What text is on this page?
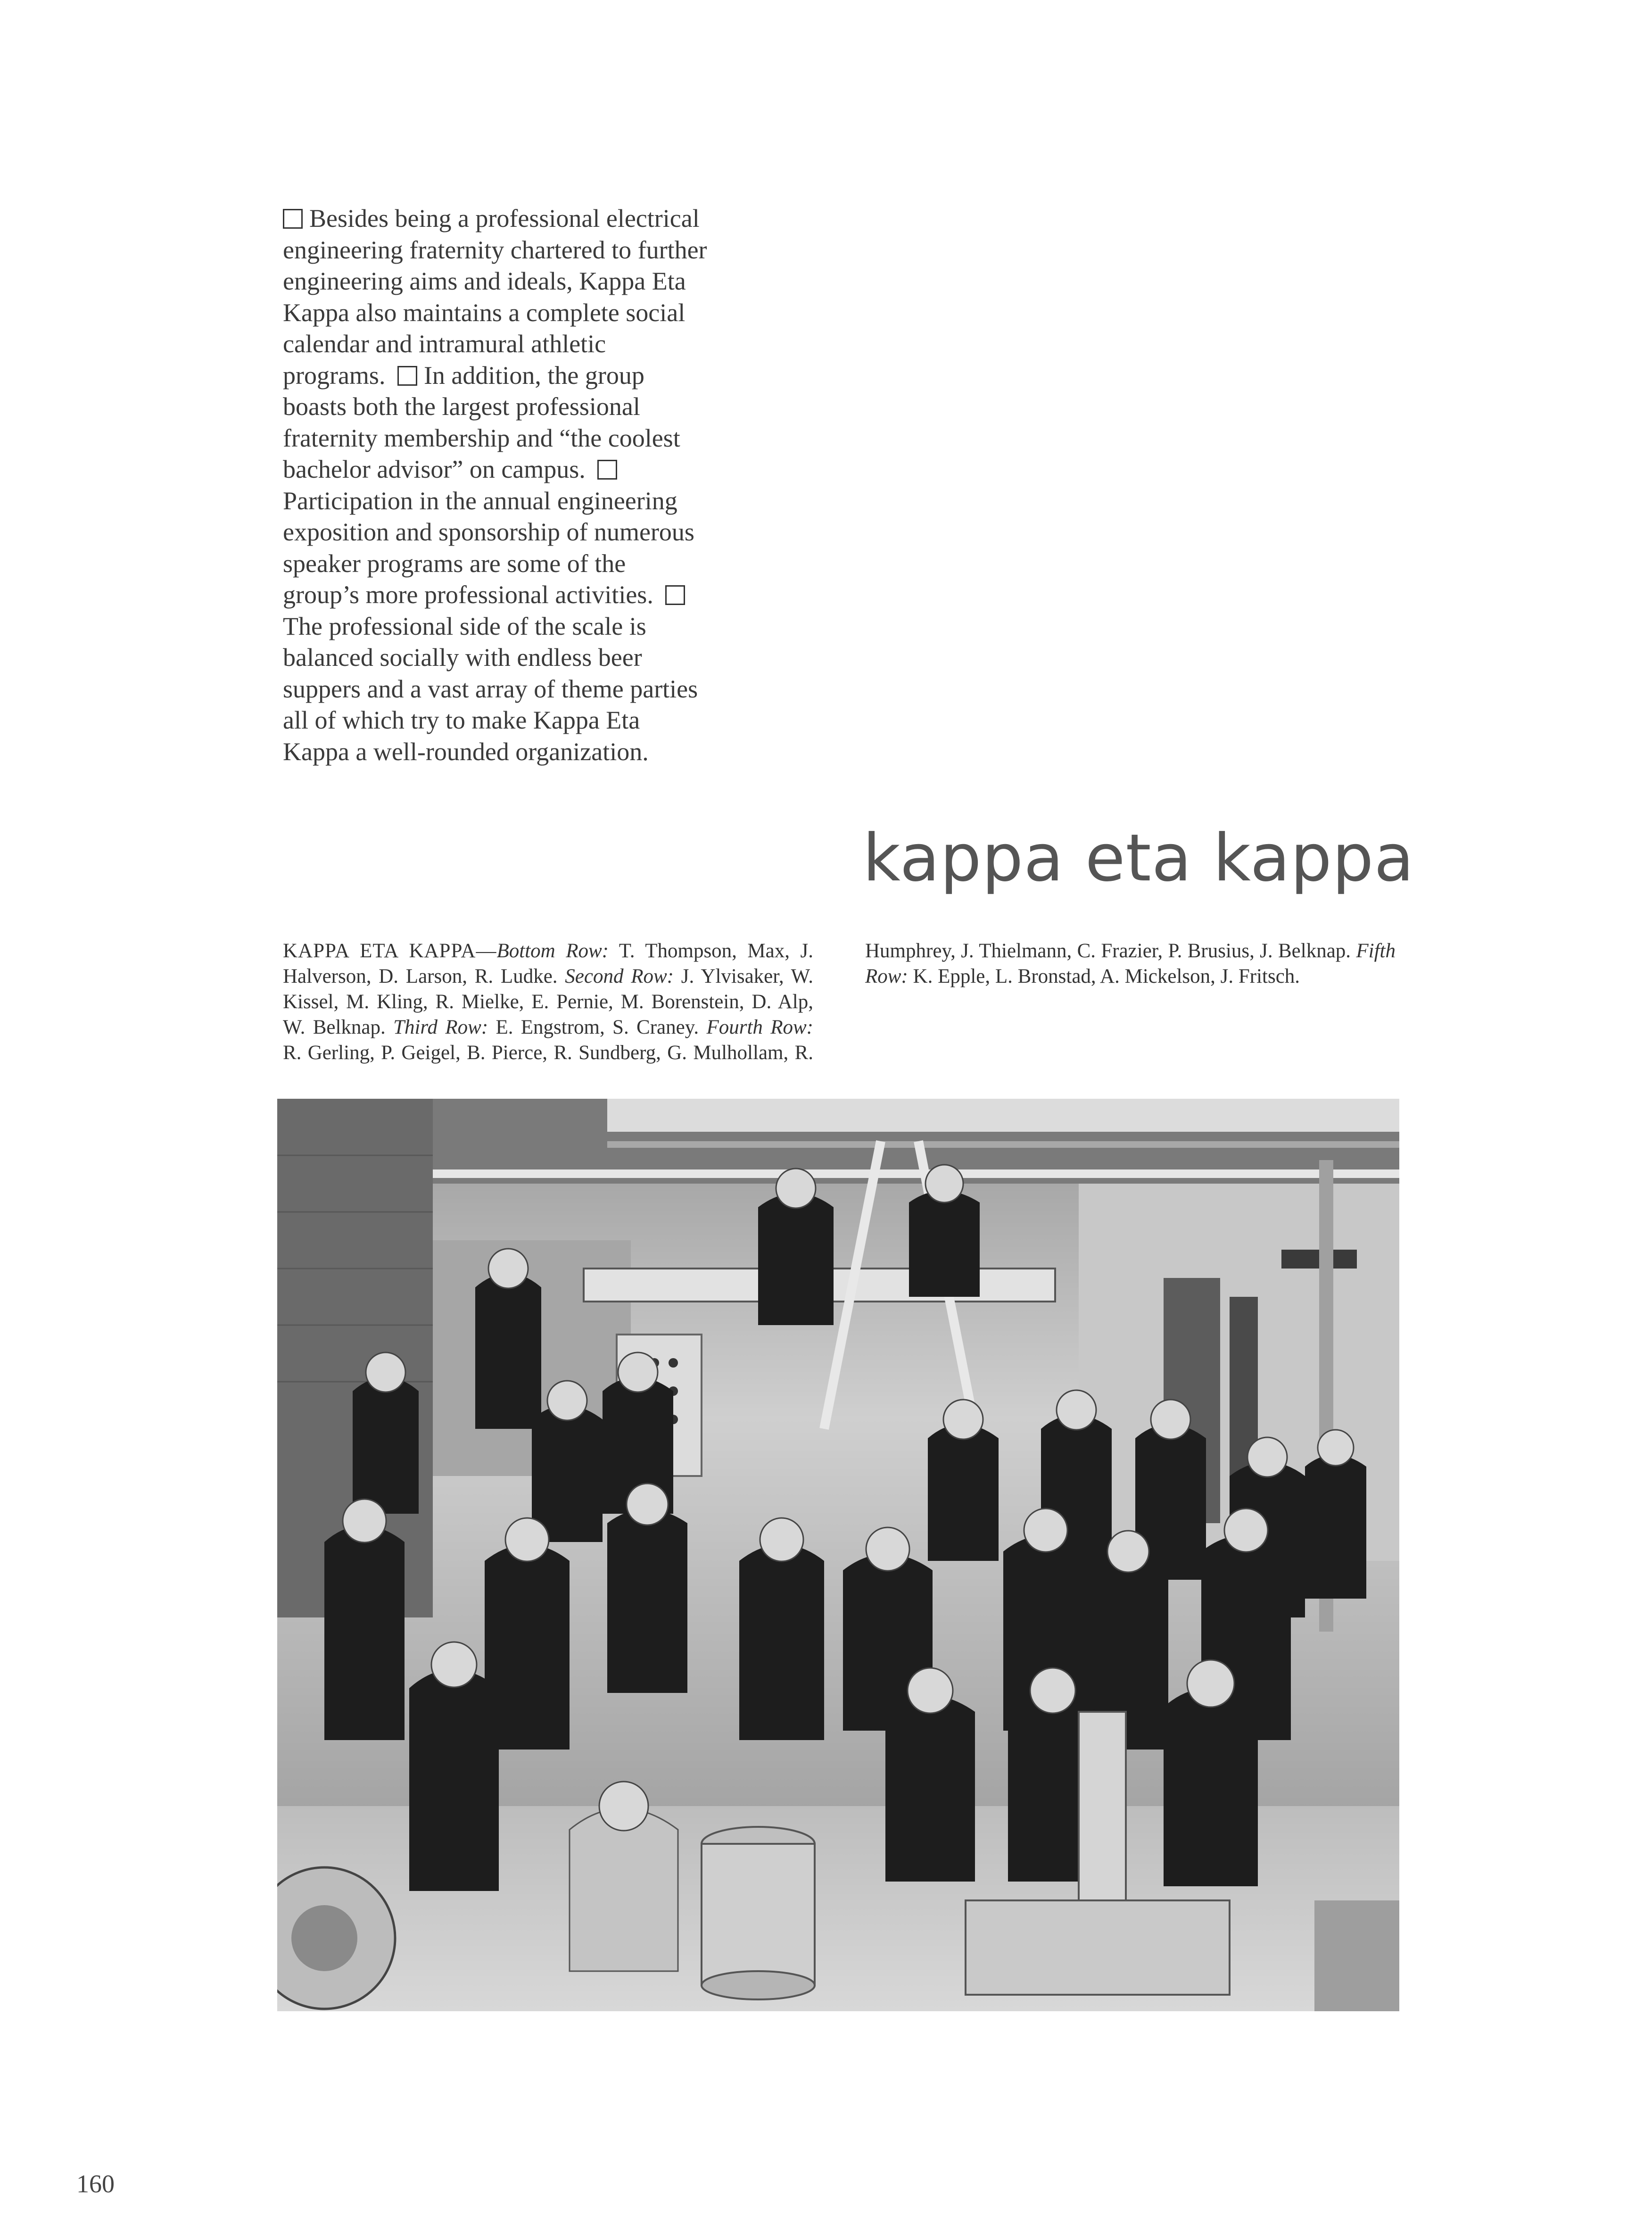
Besides being a professional electrical engineering fraternity chartered to further engineering aims and ideals, Kappa Eta Kappa also maintains a complete social calendar and intramural athletic programs. In addition, the group boasts both the largest professional fraternity membership and “the coolest bachelor advisor” on campus. Participation in the annual engineering exposition and sponsorship of numerous speaker programs are some of the group’s more professional activities. The professional side of the scale is balanced socially with endless beer suppers and a vast array of theme parties all of which try to make Kappa Eta Kappa a well-rounded organization.
kappa eta kappa
KAPPA ETA KAPPA—Bottom Row: T. Thompson, Max, J. Halverson, D. Larson, R. Ludke. Second Row: J. Ylvisaker, W. Kissel, M. Kling, R. Mielke, E. Pernie, M. Borenstein, D. Alp, W. Belknap. Third Row: E. Engstrom, S. Craney. Fourth Row: R. Gerling, P. Geigel, B. Pierce, R. Sundberg, G. Mulhollam, R. Humphrey, J. Thielmann, C. Frazier, P. Brusius, J. Belknap. Fifth Row: K. Epple, L. Bronstad, A. Mickelson, J. Fritsch.
160
